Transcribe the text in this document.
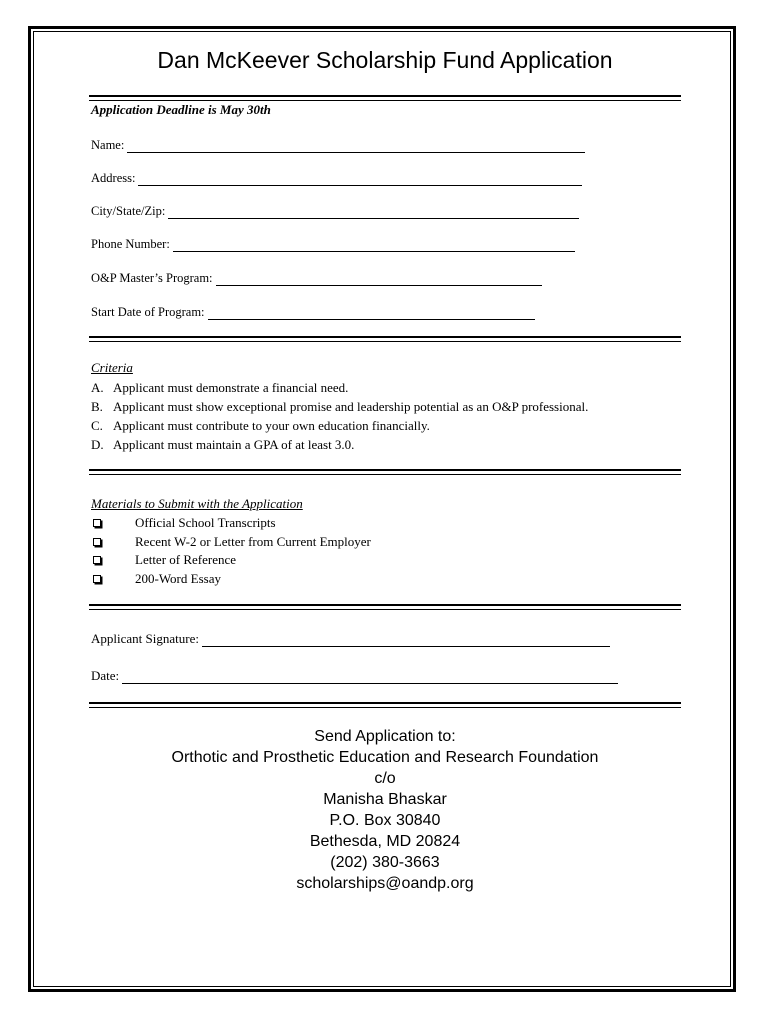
Dan McKeever Scholarship Fund Application
Application Deadline is May 30th
Name:
Address:
City/State/Zip:
Phone Number:
O&P Master’s Program:
Start Date of Program:
Criteria
A. Applicant must demonstrate a financial need.
B. Applicant must show exceptional promise and leadership potential as an O&P professional.
C. Applicant must contribute to your own education financially.
D. Applicant must maintain a GPA of at least 3.0.
Materials to Submit with the Application
Official School Transcripts
Recent W-2 or Letter from Current Employer
Letter of Reference
200-Word Essay
Applicant Signature:
Date:
Send Application to:
Orthotic and Prosthetic Education and Research Foundation
c/o
Manisha Bhaskar
P.O. Box 30840
Bethesda, MD 20824
(202) 380-3663
scholarships@oandp.org
